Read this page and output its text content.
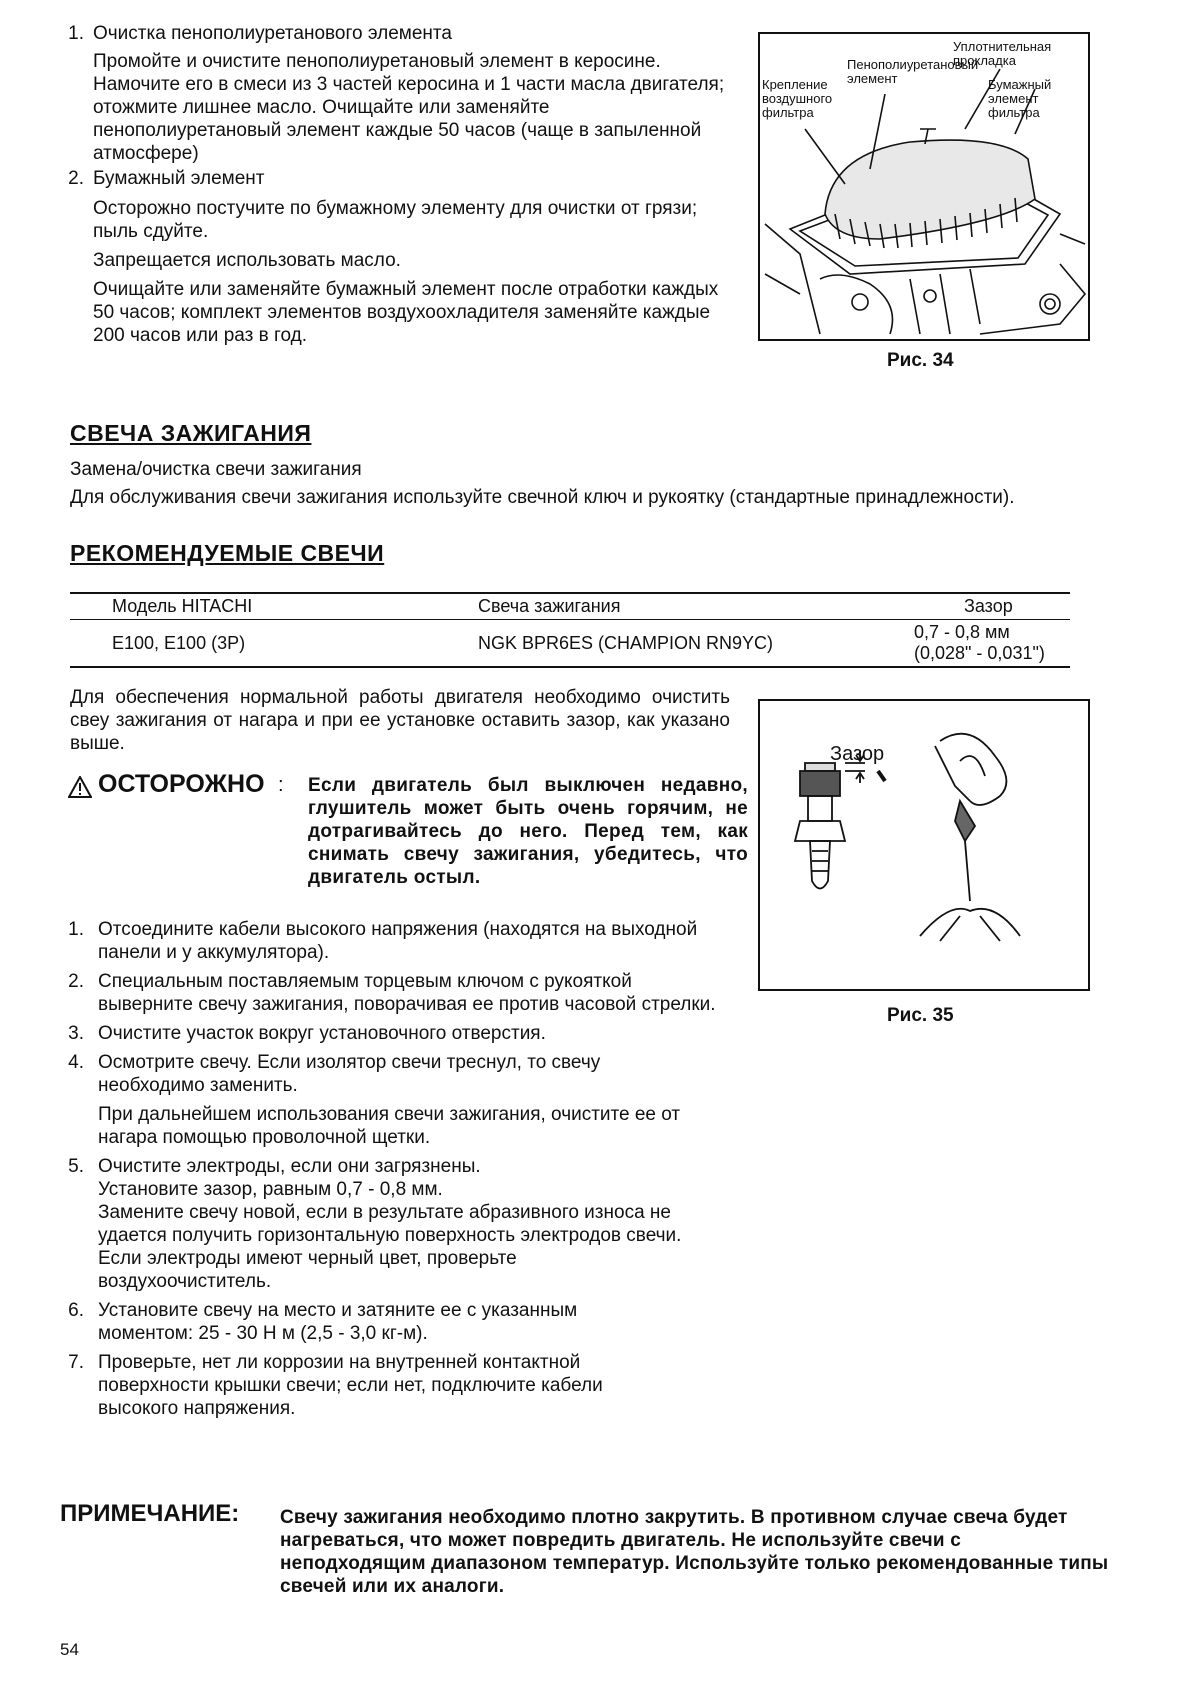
1. Очистка пенополиуретанового элемента

Промойте и очистите пенополиуретановый элемент в керосине. Намочите его в смеси из 3 частей керосина и 1 части масла двигателя; отожмите лишнее масло. Очищайте или заменяйте пенополиуретановый элемент каждые 50 часов (чаще в запыленной атмосфере)

2. Бумажный элемент

Осторожно постучите по бумажному элементу для очистки от грязи; пыль сдуйте.

Запрещается использовать масло.

Очищайте или заменяйте бумажный элемент после отработки каждых 50 часов; комплект элементов воздухоохладителя заменяйте каждые 200 часов или раз в год.

Уплотнительная прокладка
Пенополиуретановый элемент
Крепление воздушного фильтра
Бумажный элемент фильтра
Рис. 34
СВЕЧА ЗАЖИГАНИЯ
Замена/очистка свечи зажигания
Для обслуживания свечи зажигания используйте свечной ключ и рукоятку (стандартные принадлежности).
РЕКОМЕНДУЕМЫЕ СВЕЧИ
Модель HITACHI	Свеча зажигания	Зазор
E100, E100 (3P)	NGK BPR6ES (CHAMPION RN9YC)	0,7 - 0,8 мм (0,028" - 0,031")

Для обеспечения нормальной работы двигателя необходимо очистить свеу зажигания от нагара и при ее установке оставить зазор, как указано выше.

ОСТОРОЖНО : Если двигатель был выключен недавно, глушитель может быть очень горячим, не дотрагивайтесь до него. Перед тем, как снимать свечу зажигания, убедитесь, что двигатель остыл.

Зазор
Рис. 35
1. Отсоедините кабели высокого напряжения (находятся на выходной панели и у аккумулятора).

2. Специальным поставляемым торцевым ключом с рукояткой выверните свечу зажигания, поворачивая ее против часовой стрелки.

3. Очистите участок вокруг установочного отверстия.

4. Осмотрите свечу. Если изолятор свечи треснул, то свечу необходимо заменить.

При дальнейшем использования свечи зажигания, очистите ее от нагара помощью проволочной щетки.

5. Очистите электроды, если они загрязнены.

Установите зазор, равным 0,7 - 0,8 мм.

Замените свечу новой, если в результате абразивного износа не удается получить горизонтальную поверхность электродов свечи.

Если электроды имеют черный цвет, проверьте воздухоочиститель.

6. Установите свечу на место и затяните ее с указанным моментом: 25 - 30 Н м (2,5 - 3,0 кг-м).

7. Проверьте, нет ли коррозии на внутренней контактной поверхности крышки свечи; если нет, подключите кабели высокого напряжения.

ПРИМЕЧАНИЕ: Свечу зажигания необходимо плотно закрутить. В противном случае свеча будет нагреваться, что может повредить двигатель. Не используйте свечи с неподходящим диапазоном температур. Используйте только рекомендованные типы свечей или их аналоги.

54
